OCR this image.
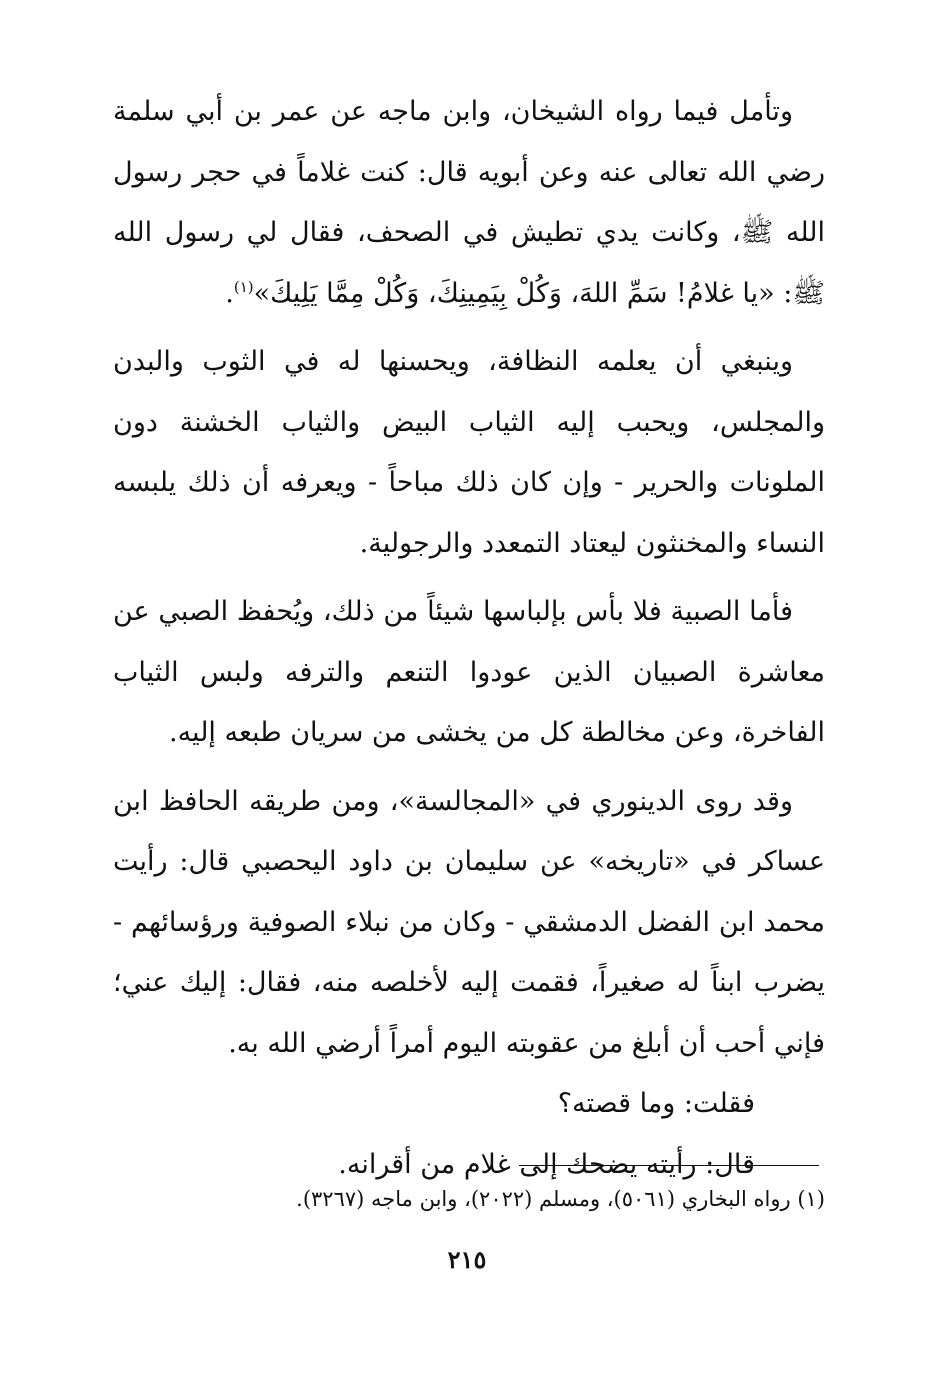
وتأمل فيما رواه الشيخان، وابن ماجه عن عمر بن أبي سلمة رضي الله تعالى عنه وعن أبويه قال: كنت غلاماً في حجر رسول الله ﷺ، وكانت يدي تطيش في الصحف، فقال لي رسول الله ﷺ: «يا غلامُ! سَمِّ اللهَ، وَكُلْ بِيَمِينِكَ، وَكُلْ مِمَّا يَلِيكَ»$^{(١)}$.

وينبغي أن يعلمه النظافة، ويحسنها له في الثوب والبدن والمجلس، ويحبب إليه الثياب البيض والثياب الخشنة دون الملونات والحرير - وإن كان ذلك مباحاً - ويعرفه أن ذلك يلبسه النساء والمخنثون ليعتاد التمعدد والرجولية.

فأما الصبية فلا بأس بإلباسها شيئاً من ذلك، ويُحفظ الصبي عن معاشرة الصبيان الذين عودوا التنعم والترفه ولبس الثياب الفاخرة، وعن مخالطة كل من يخشى من سريان طبعه إليه.

وقد روى الدينوري في «المجالسة»، ومن طريقه الحافظ ابن عساكر في «تاريخه» عن سليمان بن داود اليحصبي قال: رأيت محمد ابن الفضل الدمشقي - وكان من نبلاء الصوفية ورؤسائهم - يضرب ابناً له صغيراً، فقمت إليه لأخلصه منه، فقال: إليك عني؛ فإني أحب أن أبلغ من عقوبته اليوم أمراً أرضي الله به.

فقلت: وما قصته؟

قال: رأيته يضحك إلى غلام من أقرانه.

(١) رواه البخاري (٥٠٦١)، ومسلم (٢٠٢٢)، وابن ماجه (٣٢٦٧).
٢١٥
